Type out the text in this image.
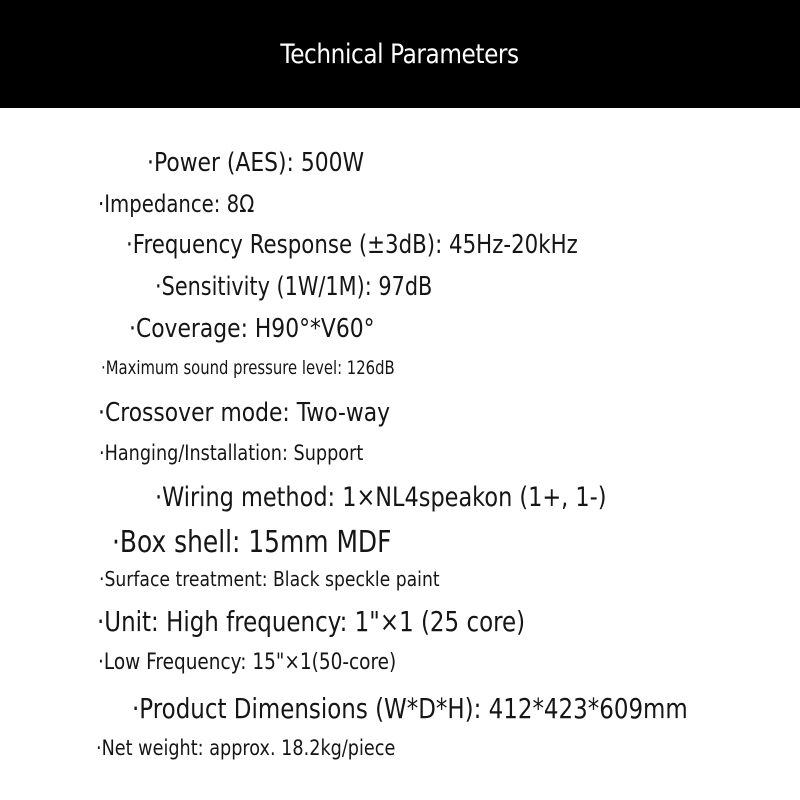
Technical Parameters
·Power (AES): 500W
·Impedance: 8Ω
·Frequency Response (±3dB): 45Hz-20kHz
·Sensitivity (1W/1M): 97dB
·Coverage: H90°*V60°
·Maximum sound pressure level: 126dB
·Crossover mode: Two-way
·Hanging/Installation: Support
·Wiring method: 1×NL4speakon (1+, 1-)
·Box shell: 15mm MDF
·Surface treatment: Black speckle paint
·Unit: High frequency: 1"×1 (25 core)
·Low Frequency: 15"×1(50-core)
·Product Dimensions (W*D*H): 412*423*609mm
·Net weight: approx. 18.2kg/piece
